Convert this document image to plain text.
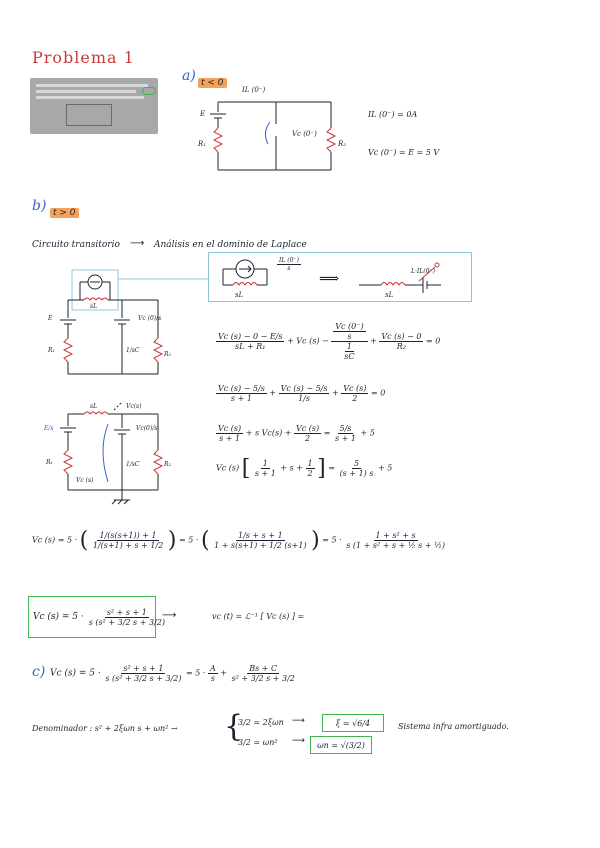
Problema 1
a) t < 0
IL (0⁻)
Vc (0⁻)
E
R₁	R₂
IL (0⁻) = 0A
Vc (0⁻) = E = 5 V
b) t > 0
Circuito transitorio ⟶ Análisis en el dominio de Laplace
sL	sL
⟹	L·IL(0⁻)
$\frac{IL (0^-)}{s}$
sL
E
R₁
R₂
1/sC
Vc (0)/s
$\frac{Vc (s) - 0 - E/s}{\text{sL + R₁}} + Vc$ $(s) - \frac{\frac{Vc (0^-)}{s}}{\frac{1}{sC}} + \frac{Vc (s) - 0}{\text{R₂}} = 0$
$\frac{Vc (s) - 5/s}{s + 1} + \frac{Vc (s) - 5/s}{1/s} + \frac{Vc (s)}{2} = 0$
sL	Vc(s)
E/s
R₁	R₂
1/sC
Vc(0)/s
Vc (s)
$\frac{Vc (s)}{s + 1} + s$ $Vc(s) + \frac{Vc (s)}{2} = \frac{5/s}{s + 1} + 5$
Vc (s) [ $\frac{1}{s + 1} + s + \frac{1}{2}$ ] = $\frac{5}{(s + 1) s} + 5$
Vc (s) = 5 · ( $\frac{1/(s(s+1)) + 1}{1/(s+1) + s + 1/2}$ ) = 5 · ( $\frac{1/s + s + 1}{1 + s(s+1) + 1/2 (s+1)}$ ) = $5 \cdot \frac{\text{1 + s² + s}}{\text{s (1 + s² + s + ½ s + ½)}}$
Vc $(s) = 5 \cdot \frac{\text{s² + s + 1}}{\text{s (s² + 3/2 s + 3/2)}}$
⟶	vc (t) = ℒ⁻¹ [ Vc (s) ] =
c) Vc $(s) = 5 \cdot \frac{\text{s² + s + 1}}{\text{s (s² + 3/2 s + 3/2)}} = 5 \cdot \frac{A}{s} + \frac{Bs + C}{\text{s² + 3/2 s + 3/2}}$
Denominador : s² + 2ξωn s + ωn² → {
3/2 = 2ξωn
3/2 = ωn²
⟶
⟶
ξ = √6/4
ωn = √(3/2)
Sistema infra amortiguado.
